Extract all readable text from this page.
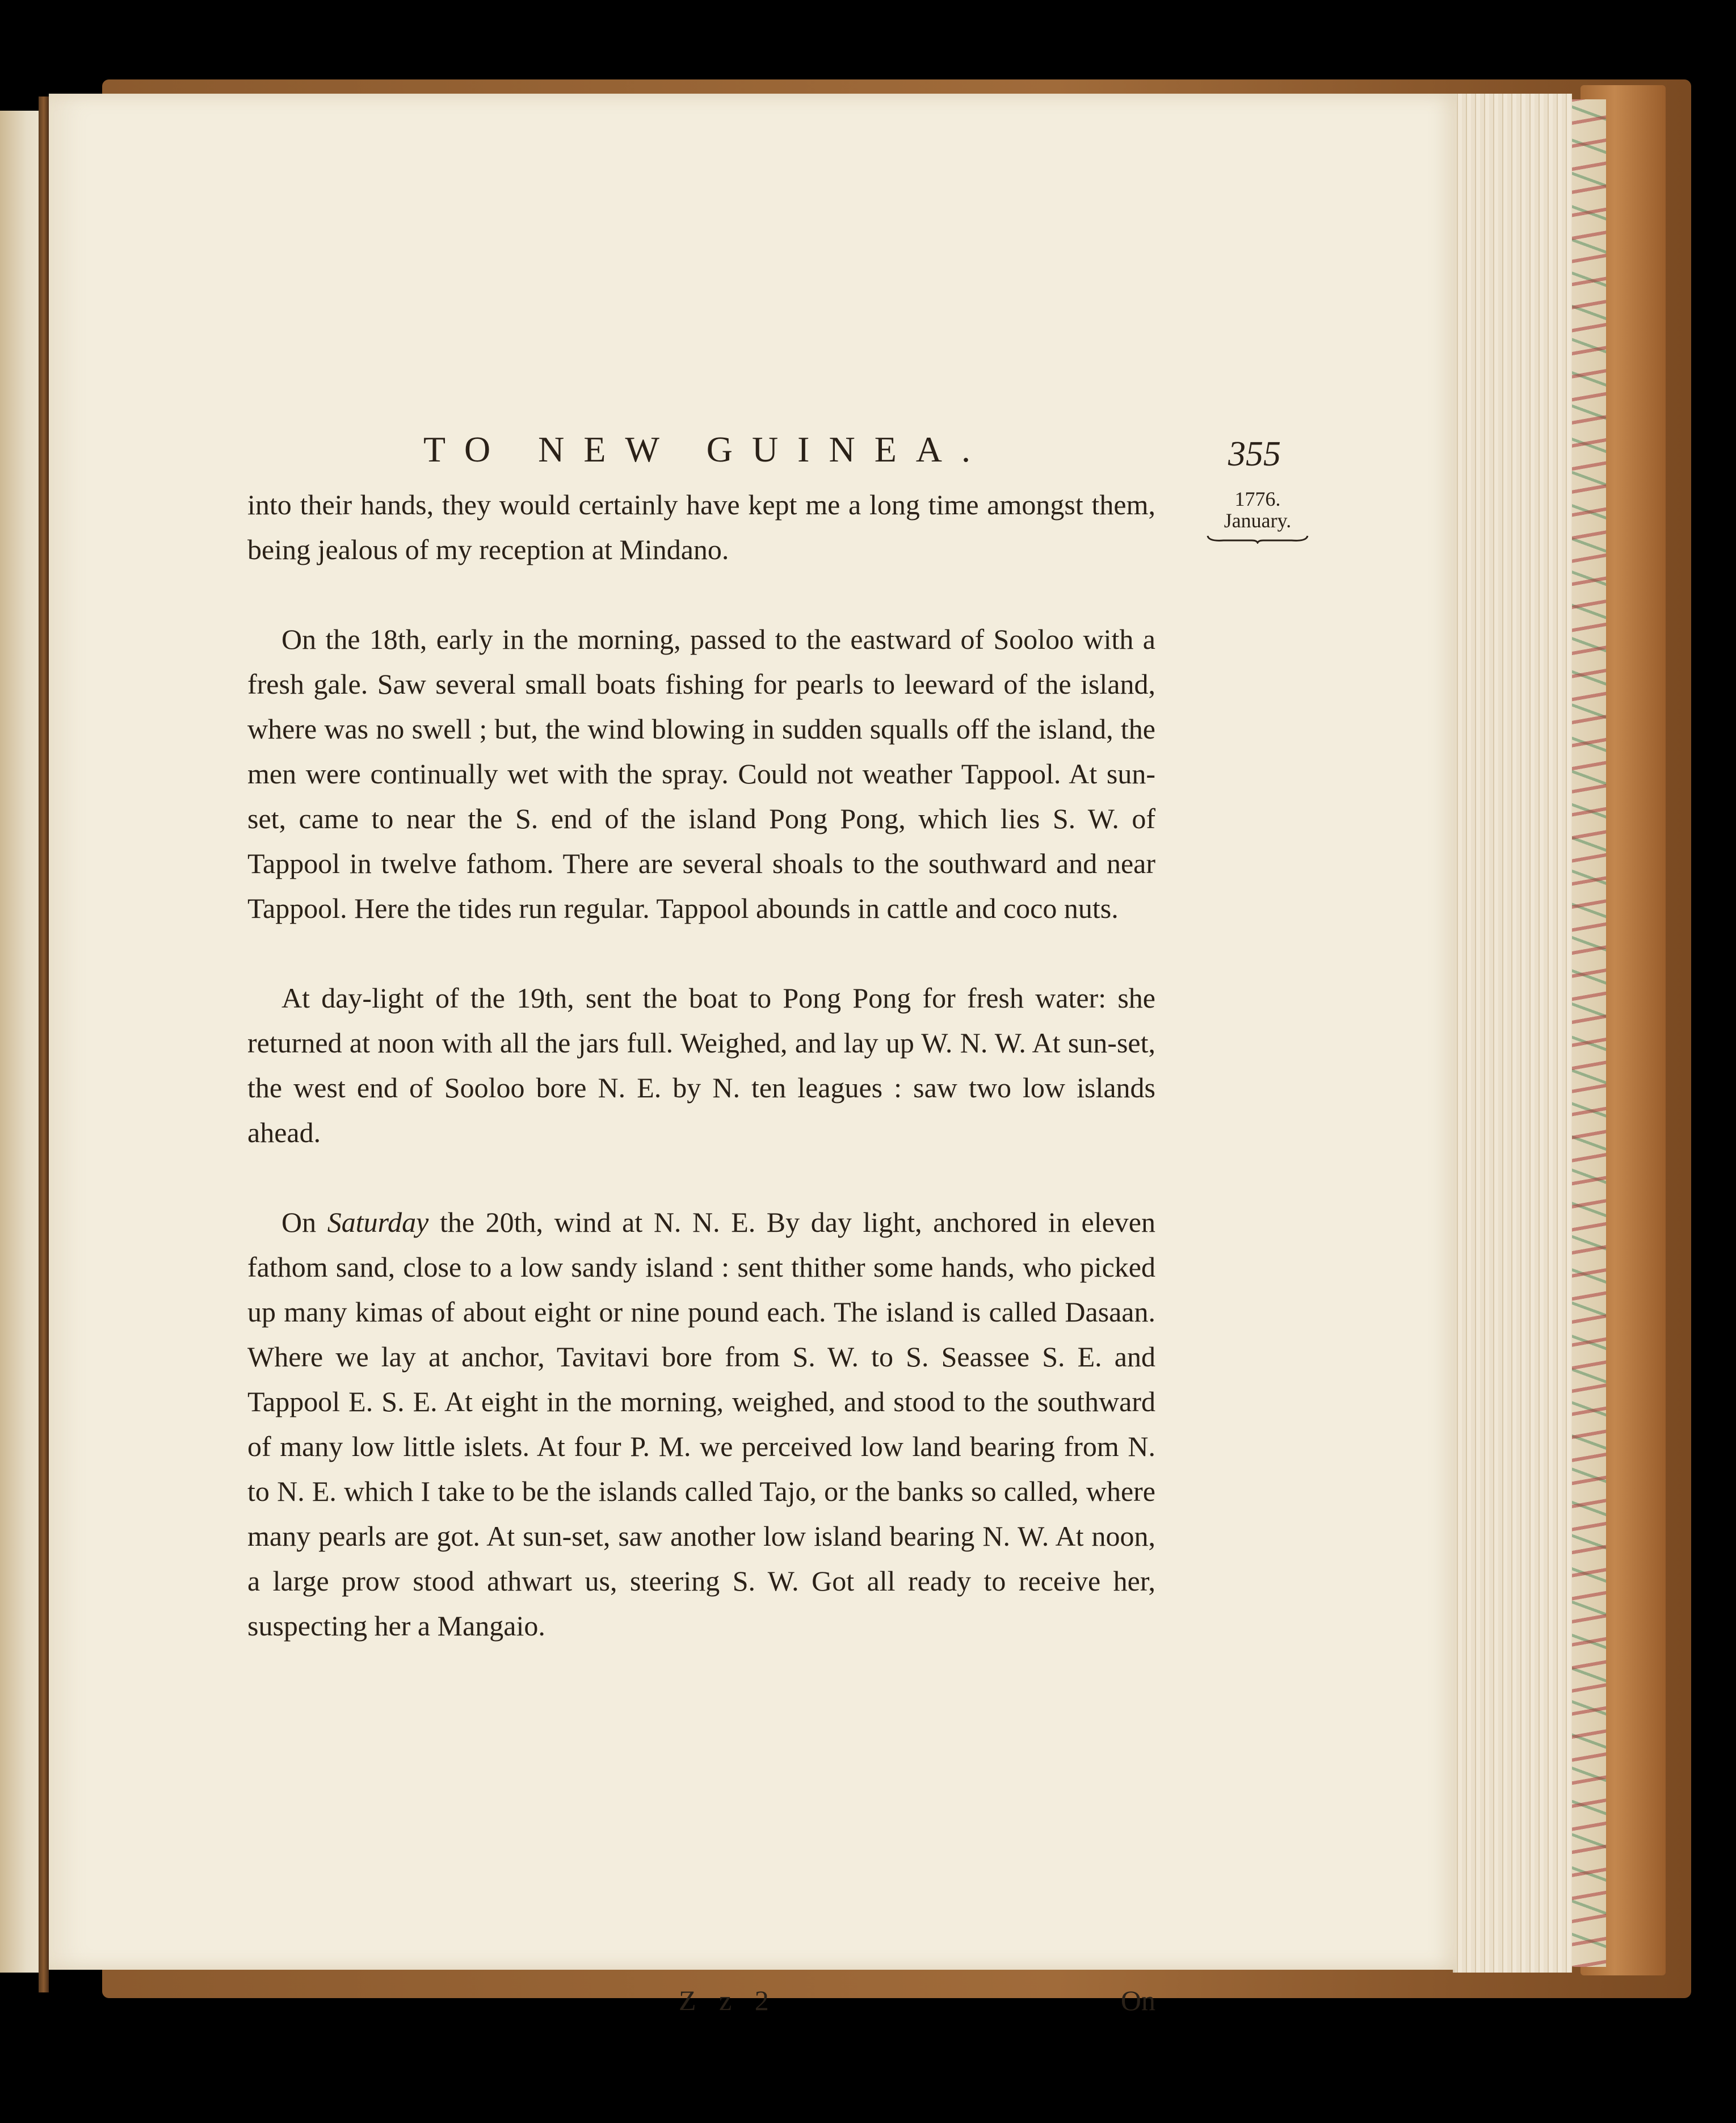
TO NEW GUINEA.	355
1776.
January.

into their hands, they would certainly have kept me a long time amongst them, being jealous of my reception at Mindano.

On the 18th, early in the morning, passed to the eastward of Sooloo with a fresh gale. Saw several small boats fishing for pearls to leeward of the island, where was no swell ; but, the wind blowing in sudden squalls off the island, the men were continually wet with the spray. Could not weather Tappool. At sun-set, came to near the S. end of the island Pong Pong, which lies S. W. of Tappool in twelve fathom. There are several shoals to the southward and near Tappool. Here the tides run regular. Tappool abounds in cattle and coco nuts.

At day-light of the 19th, sent the boat to Pong Pong for fresh water: she returned at noon with all the jars full. Weighed, and lay up W. N. W. At sun-set, the west end of Sooloo bore N. E. by N. ten leagues : saw two low islands ahead.

On Saturday the 20th, wind at N. N. E. By day light, anchored in eleven fathom sand, close to a low sandy island : sent thither some hands, who picked up many kimas of about eight or nine pound each. The island is called Dasaan. Where we lay at anchor, Tavitavi bore from S. W. to S. Seassee S. E. and Tappool E. S. E. At eight in the morning, weighed, and stood to the southward of many low little islets. At four P. M. we perceived low land bearing from N. to N. E. which I take to be the islands called Tajo, or the banks so called, where many pearls are got. At sun-set, saw another low island bearing N. W. At noon, a large prow stood athwart us, steering S. W. Got all ready to receive her, suspecting her a Mangaio.

Z z 2	On
